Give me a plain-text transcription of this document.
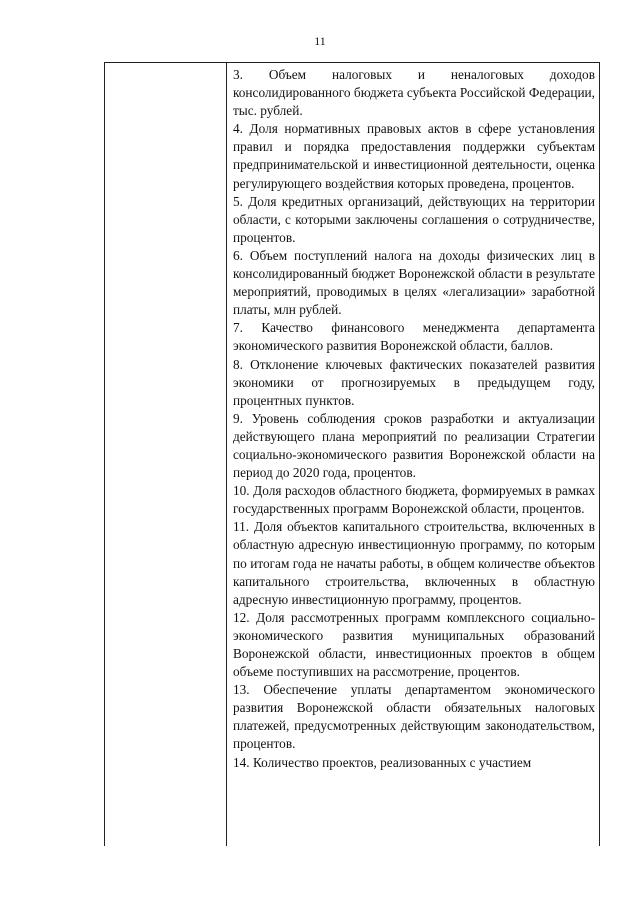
11

3. Объем налоговых и неналоговых доходов консолидированного бюджета субъекта Российской Федерации, тыс. рублей.

4. Доля нормативных правовых актов в сфере установления правил и порядка предоставления поддержки субъектам предпринимательской и инвестиционной деятельности, оценка регулирующего воздействия которых проведена, процентов.

5. Доля кредитных организаций, действующих на территории области, с которыми заключены соглашения о сотрудничестве, процентов.

6. Объем поступлений налога на доходы физических лиц в консолидированный бюджет Воронежской области в результате мероприятий, проводимых в целях «легализации» заработной платы, млн рублей.

7. Качество финансового менеджмента департамента экономического развития Воронежской области, баллов.

8. Отклонение ключевых фактических показателей развития экономики от прогнозируемых в предыдущем году, процентных пунктов.

9. Уровень соблюдения сроков разработки и актуализации действующего плана мероприятий по реализации Стратегии социально-экономического развития Воронежской области на период до 2020 года, процентов.

10. Доля расходов областного бюджета, формируемых в рамках государственных программ Воронежской области, процентов.

11. Доля объектов капитального строительства, включенных в областную адресную инвестиционную программу, по которым по итогам года не начаты работы, в общем количестве объектов капитального строительства, включенных в областную адресную инвестиционную программу, процентов.

12. Доля рассмотренных программ комплексного социально-экономического развития муниципальных образований Воронежской области, инвестиционных проектов в общем объеме поступивших на рассмотрение, процентов.

13. Обеспечение уплаты департаментом экономического развития Воронежской области обязательных налоговых платежей, предусмотренных действующим законодательством, процентов.

14. Количество проектов, реализованных с участием
